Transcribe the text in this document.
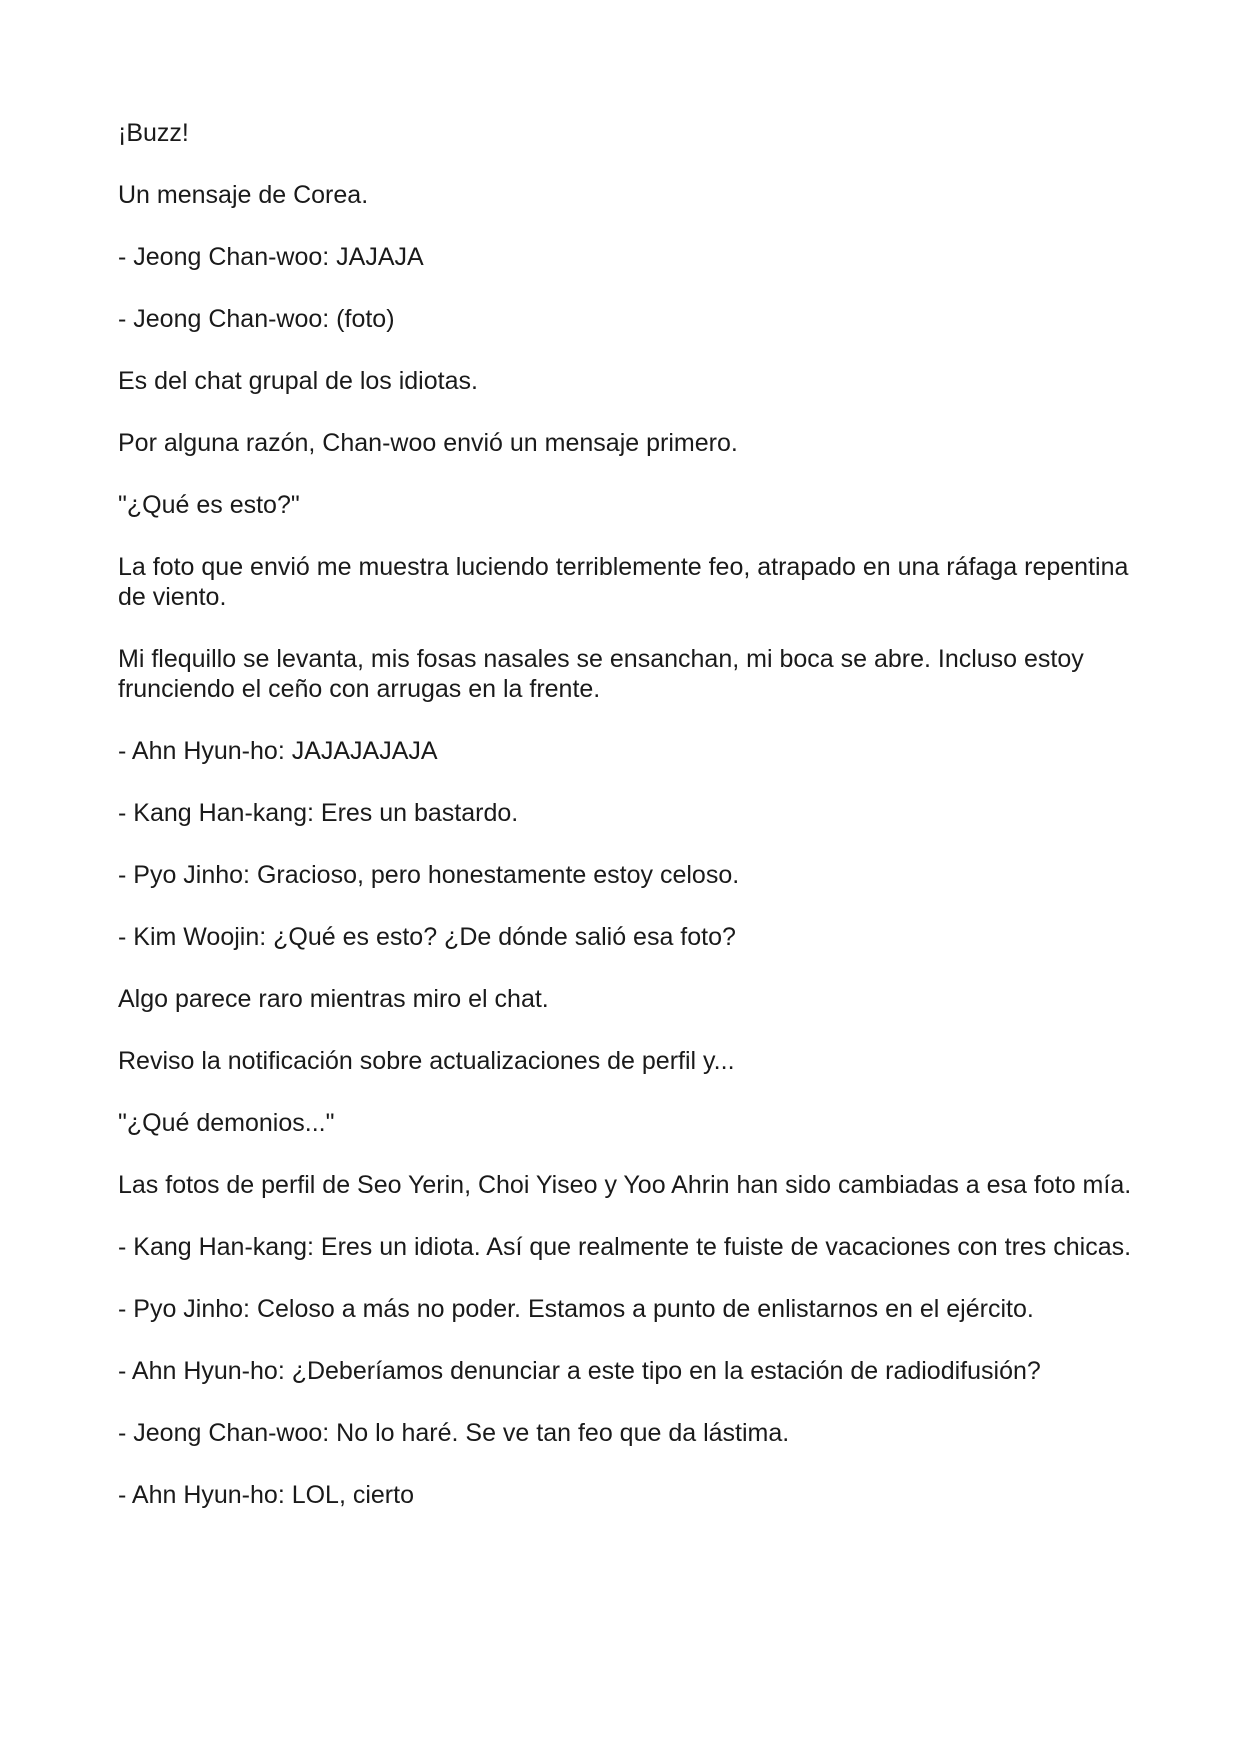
¡Buzz!

Un mensaje de Corea.

- Jeong Chan-woo: JAJAJA

- Jeong Chan-woo: (foto)

Es del chat grupal de los idiotas.

Por alguna razón, Chan-woo envió un mensaje primero.

"¿Qué es esto?"

La foto que envió me muestra luciendo terriblemente feo, atrapado en una ráfaga repentina de viento.

Mi flequillo se levanta, mis fosas nasales se ensanchan, mi boca se abre. Incluso estoy frunciendo el ceño con arrugas en la frente.

- Ahn Hyun-ho: JAJAJAJAJA

- Kang Han-kang: Eres un bastardo.

- Pyo Jinho: Gracioso, pero honestamente estoy celoso.

- Kim Woojin: ¿Qué es esto? ¿De dónde salió esa foto?

Algo parece raro mientras miro el chat.

Reviso la notificación sobre actualizaciones de perfil y...

"¿Qué demonios..."

Las fotos de perfil de Seo Yerin, Choi Yiseo y Yoo Ahrin han sido cambiadas a esa foto mía.

- Kang Han-kang: Eres un idiota. Así que realmente te fuiste de vacaciones con tres chicas.

- Pyo Jinho: Celoso a más no poder. Estamos a punto de enlistarnos en el ejército.

- Ahn Hyun-ho: ¿Deberíamos denunciar a este tipo en la estación de radiodifusión?

- Jeong Chan-woo: No lo haré. Se ve tan feo que da lástima.

- Ahn Hyun-ho: LOL, cierto
